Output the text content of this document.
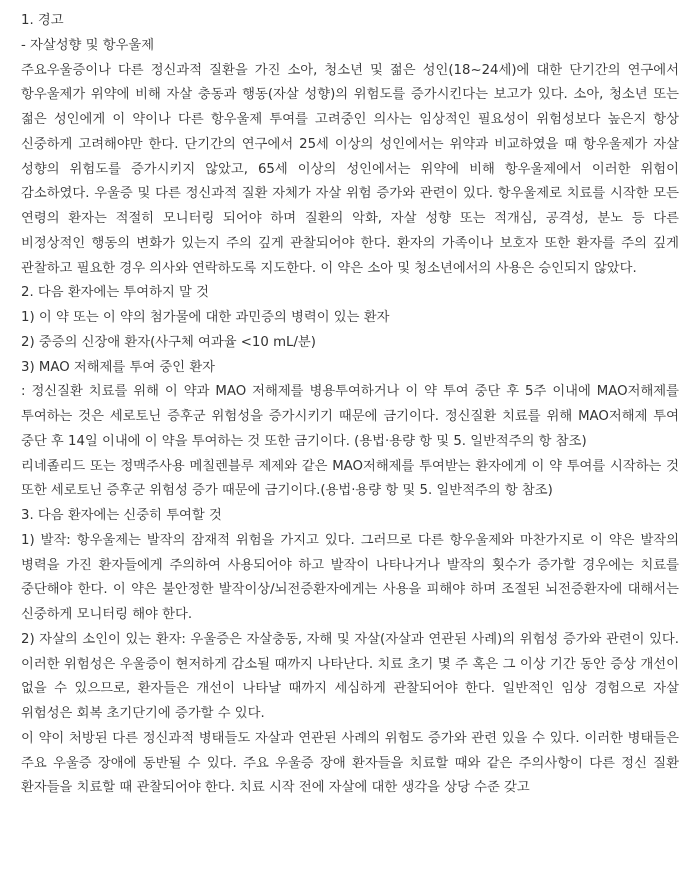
1. 경고

- 자살성향 및 항우울제

주요우울증이나 다른 정신과적 질환을 가진 소아, 청소년 및 젊은 성인(18~24세)에 대한 단기간의 연구에서 항우울제가 위약에 비해 자살 충동과 행동(자살 성향)의 위험도를 증가시킨다는 보고가 있다. 소아, 청소년 또는 젊은 성인에게 이 약이나 다른 항우울제 투여를 고려중인 의사는 임상적인 필요성이 위험성보다 높은지 항상 신중하게 고려해야만 한다. 단기간의 연구에서 25세 이상의 성인에서는 위약과 비교하였을 때 항우울제가 자살 성향의 위험도를 증가시키지 않았고, 65세 이상의 성인에서는 위약에 비해 항우울제에서 이러한 위험이 감소하였다. 우울증 및 다른 정신과적 질환 자체가 자살 위험 증가와 관련이 있다. 항우울제로 치료를 시작한 모든 연령의 환자는 적절히 모니터링 되어야 하며 질환의 악화, 자살 성향 또는 적개심, 공격성, 분노 등 다른 비정상적인 행동의 변화가 있는지 주의 깊게 관찰되어야 한다. 환자의 가족이나 보호자 또한 환자를 주의 깊게 관찰하고 필요한 경우 의사와 연락하도록 지도한다. 이 약은 소아 및 청소년에서의 사용은 승인되지 않았다.

2. 다음 환자에는 투여하지 말 것

1) 이 약 또는 이 약의 첨가물에 대한 과민증의 병력이 있는 환자

2) 중증의 신장애 환자(사구체 여과율 <10 mL/분)

3) MAO 저해제를 투여 중인 환자

: 정신질환 치료를 위해 이 약과 MAO 저해제를 병용투여하거나 이 약 투여 중단 후 5주 이내에 MAO저해제를 투여하는 것은 세로토닌 증후군 위험성을 증가시키기 때문에 금기이다. 정신질환 치료를 위해 MAO저해제 투여 중단 후 14일 이내에 이 약을 투여하는 것 또한 금기이다. (용법·용량 항 및 5. 일반적주의 항 참조)

리네졸리드 또는 정맥주사용 메칠렌블루 제제와 같은 MAO저해제를 투여받는 환자에게 이 약 투여를 시작하는 것 또한 세로토닌 증후군 위험성 증가 때문에 금기이다.(용법·용량 항 및 5. 일반적주의 항 참조)

3. 다음 환자에는 신중히 투여할 것

1) 발작: 항우울제는 발작의 잠재적 위험을 가지고 있다. 그러므로 다른 항우울제와 마찬가지로 이 약은 발작의 병력을 가진 환자들에게 주의하여 사용되어야 하고 발작이 나타나거나 발작의 횟수가 증가할 경우에는 치료를 중단해야 한다. 이 약은 불안정한 발작이상/뇌전증환자에게는 사용을 피해야 하며 조절된 뇌전증환자에 대해서는 신중하게 모니터링 해야 한다.

2) 자살의 소인이 있는 환자: 우울증은 자살충동, 자해 및 자살(자살과 연관된 사례)의 위험성 증가와 관련이 있다. 이러한 위험성은 우울증이 현저하게 감소될 때까지 나타난다. 치료 초기 몇 주 혹은 그 이상 기간 동안 증상 개선이 없을 수 있으므로, 환자들은 개선이 나타날 때까지 세심하게 관찰되어야 한다. 일반적인 임상 경험으로 자살 위험성은 회복 초기단기에 증가할 수 있다.

이 약이 처방된 다른 정신과적 병태들도 자살과 연관된 사례의 위험도 증가와 관련 있을 수 있다. 이러한 병태들은 주요 우울증 장애에 동반될 수 있다. 주요 우울증 장애 환자들을 치료할 때와 같은 주의사항이 다른 정신 질환 환자들을 치료할 때 관찰되어야 한다. 치료 시작 전에 자살에 대한 생각을 상당 수준 갖고
